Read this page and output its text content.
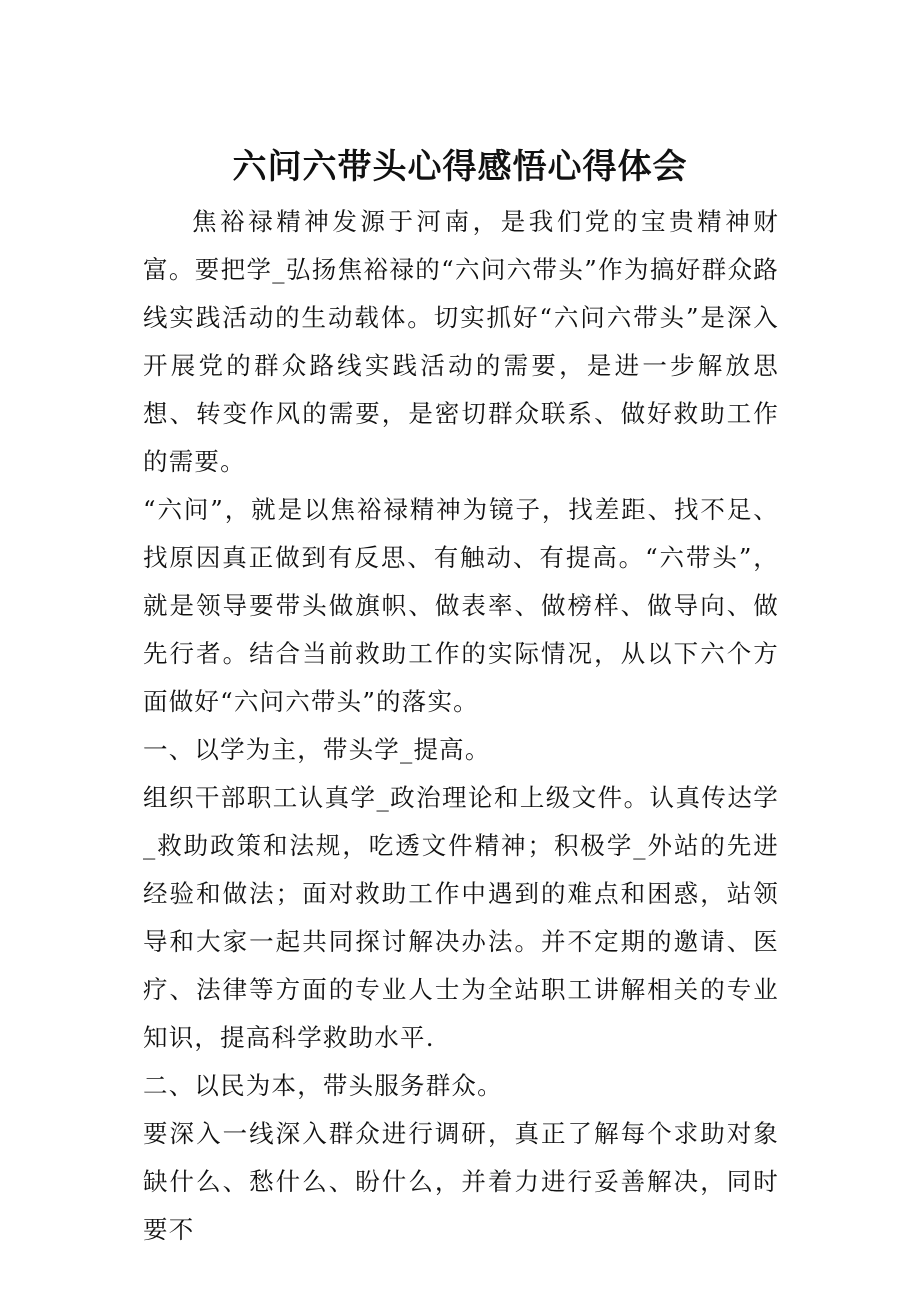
六问六带头心得感悟心得体会

焦裕禄精神发源于河南，是我们党的宝贵精神财富。要把学_弘扬焦裕禄的“六问六带头”作为搞好群众路线实践活动的生动载体。切实抓好“六问六带头”是深入开展党的群众路线实践活动的需要，是进一步解放思想、转变作风的需要，是密切群众联系、做好救助工作的需要。

“六问”，就是以焦裕禄精神为镜子，找差距、找不足、找原因真正做到有反思、有触动、有提高。“六带头”，就是领导要带头做旗帜、做表率、做榜样、做导向、做先行者。结合当前救助工作的实际情况，从以下六个方面做好“六问六带头”的落实。

一、以学为主，带头学_提高。

组织干部职工认真学_政治理论和上级文件。认真传达学_救助政策和法规，吃透文件精神；积极学_外站的先进经验和做法；面对救助工作中遇到的难点和困惑，站领导和大家一起共同探讨解决办法。并不定期的邀请、医疗、法律等方面的专业人士为全站职工讲解相关的专业知识，提高科学救助水平.

二、以民为本，带头服务群众。

要深入一线深入群众进行调研，真正了解每个求助对象缺什么、愁什么、盼什么，并着力进行妥善解决，同时要不
